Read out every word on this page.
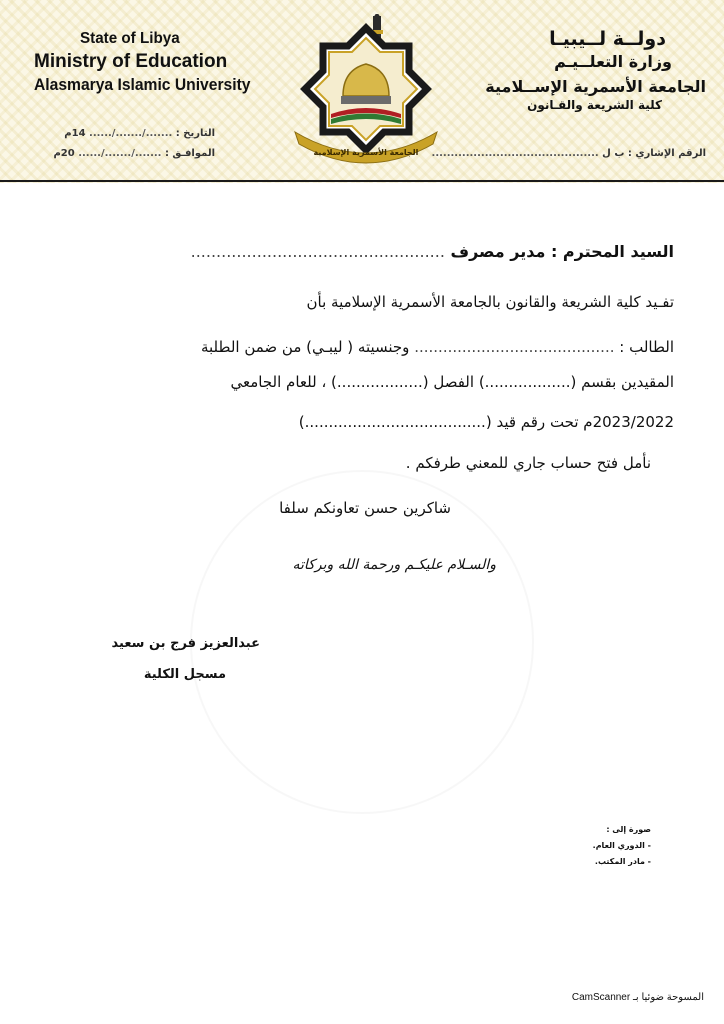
State of Libya
Ministry of Education
Alasmarya Islamic University
التاريخ : ......./......./...... 14م
الموافـق : ......./......./...... 20م
دولــة لــيبيـا
وزارة التعلــيـم
الجامعة الأسمرية الإســلامية
كلية الشريعة والقـانون
الرقم الإشاري : ب ل ............................................
الجامعة الأسمرية الإسلامية
السيد المحترم : مدير مصرف ..................................................
تفـيد كلية الشريعة والقانون بالجامعة الأسمرية الإسلامية بأن
الطالب : .......................................... وجنسيته ( ليبـي) من ضمن الطلبة
المقيدين بقسم (..................) الفصل (..................) ، للعام الجامعي
2023/2022م تحت رقم قيد (......................................)
نأمل فتح حساب جاري للمعني طرفكم .
شاكرين حسن تعاونكم سلفا
والسـلام عليكـم ورحمة الله وبركاته
عبدالعزيز فرج بن سعيد
مسجل الكلية
صورة إلى :
- الدوري العام.
- مادر المكتب.
المسوحة ضوئيا بـ CamScanner
